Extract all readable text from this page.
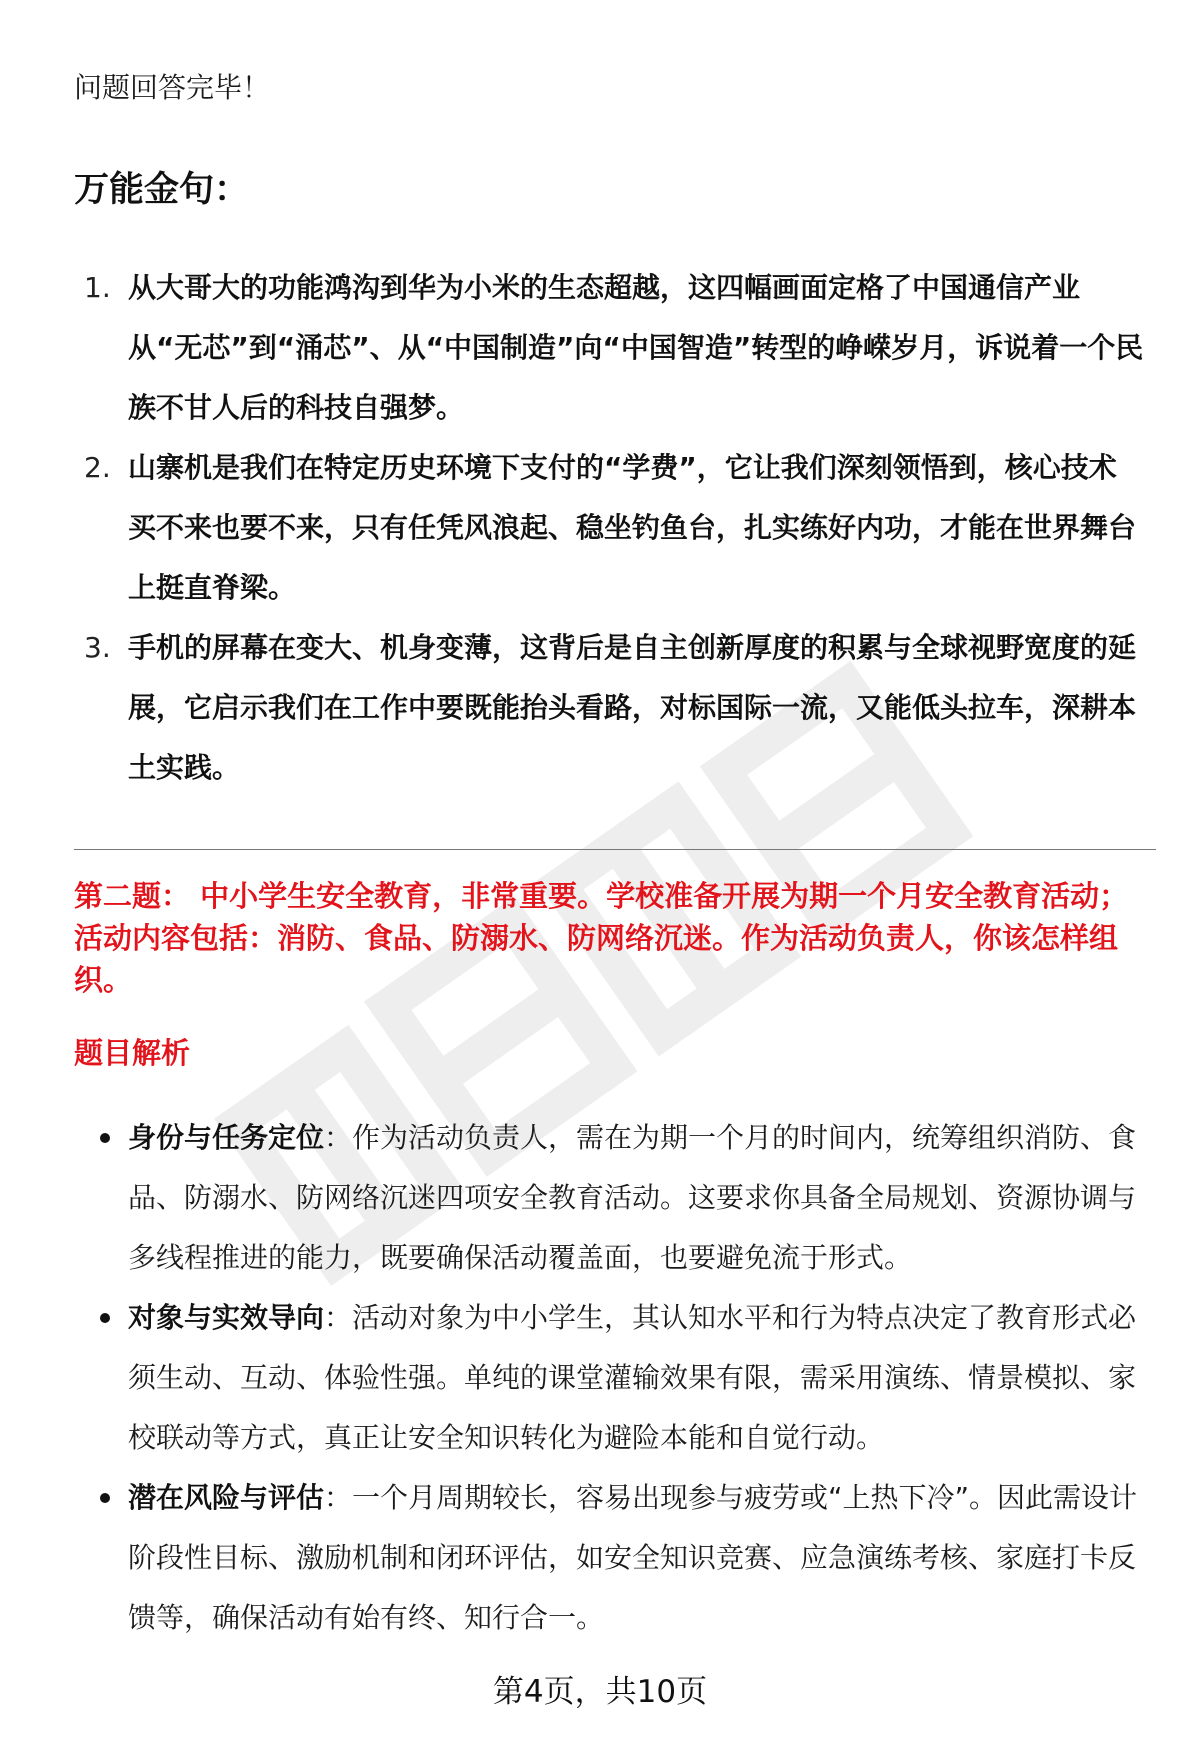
问题回答完毕！
万能金句：
1. 从大哥大的功能鸿沟到华为小米的生态超越，这四幅画面定格了中国通信产业从“无芯”到“涌芯”、从“中国制造”向“中国智造”转型的峥嵘岁月，诉说着一个民族不甘人后的科技自强梦。
2. 山寨机是我们在特定历史环境下支付的“学费”，它让我们深刻领悟到，核心技术买不来也要不来，只有任凭风浪起、稳坐钓鱼台，扎实练好内功，才能在世界舞台上挺直脊梁。
3. 手机的屏幕在变大、机身变薄，这背后是自主创新厚度的积累与全球视野宽度的延展，它启示我们在工作中要既能抬头看路，对标国际一流，又能低头拉车，深耕本土实践。
第二题： 中小学生安全教育，非常重要。学校准备开展为期一个月安全教育活动；活动内容包括：消防、食品、防溺水、防网络沉迷。作为活动负责人，你该怎样组织。
题目解析
身份与任务定位：作为活动负责人，需在为期一个月的时间内，统筹组织消防、食品、防溺水、防网络沉迷四项安全教育活动。这要求你具备全局规划、资源协调与多线程推进的能力，既要确保活动覆盖面，也要避免流于形式。
对象与实效导向：活动对象为中小学生，其认知水平和行为特点决定了教育形式必须生动、互动、体验性强。单纯的课堂灌输效果有限，需采用演练、情景模拟、家校联动等方式，真正让安全知识转化为避险本能和自觉行动。
潜在风险与评估：一个月周期较长，容易出现参与疲劳或“上热下冷”。因此需设计阶段性目标、激励机制和闭环评估，如安全知识竞赛、应急演练考核、家庭打卡反馈等，确保活动有始有终、知行合一。
第4页，共10页
